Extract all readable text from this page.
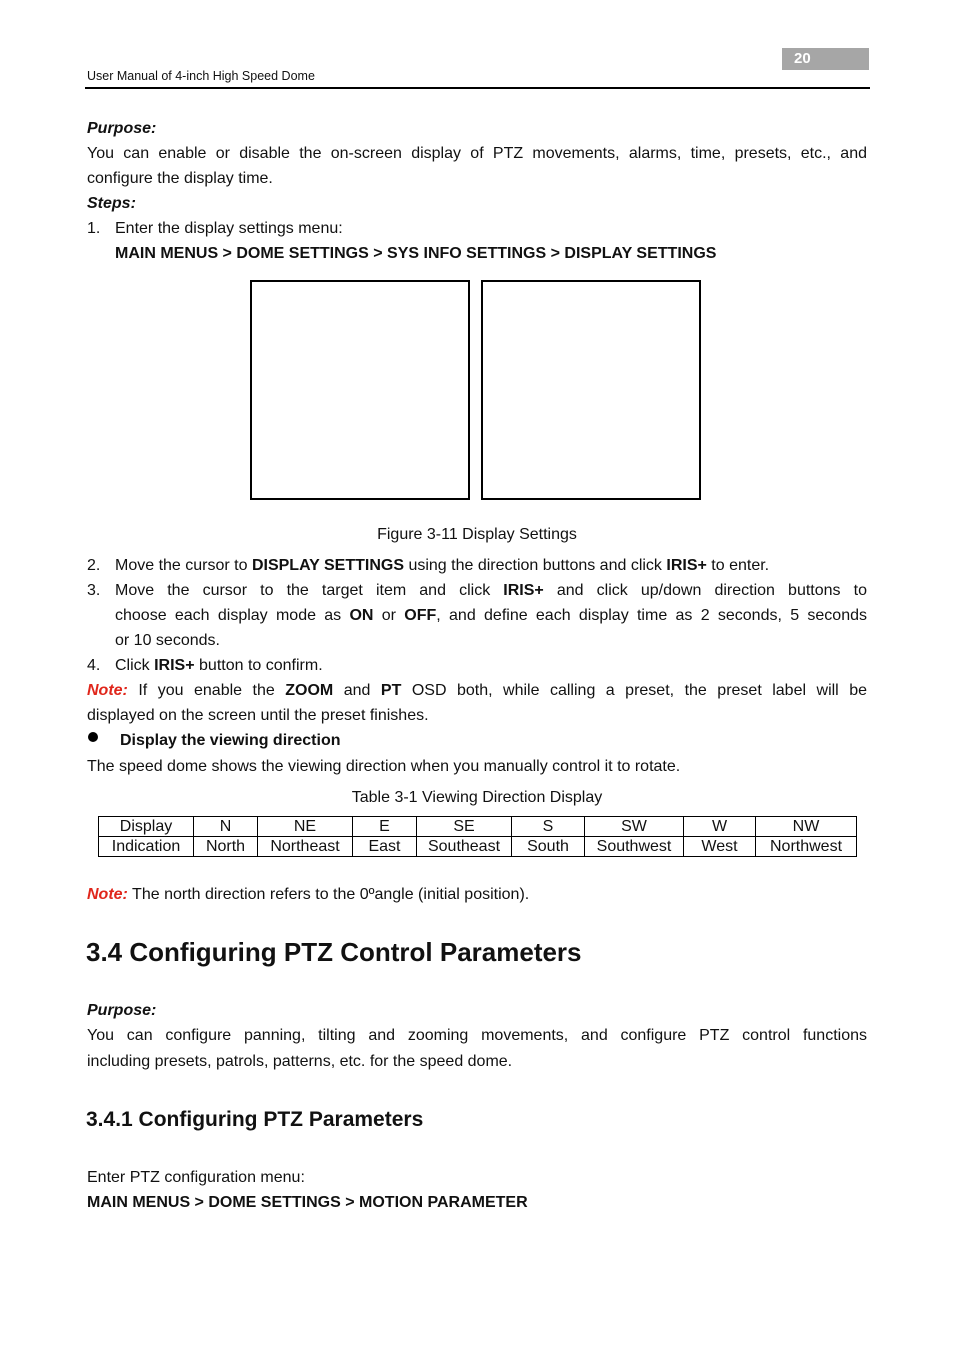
20
User Manual of 4-inch High Speed Dome
Purpose:
You can enable or disable the on-screen display of PTZ movements, alarms, time, presets, etc., and
configure the display time.
Steps:
1. Enter the display settings menu:
MAIN MENUS > DOME SETTINGS > SYS INFO SETTINGS > DISPLAY SETTINGS
Figure 3-11 Display Settings
2. Move the cursor to DISPLAY SETTINGS using the direction buttons and click IRIS+ to enter.
3. Move the cursor to the target item and click IRIS+ and click up/down direction buttons to
choose each display mode as ON or OFF, and define each display time as 2 seconds, 5 seconds
or 10 seconds.
4. Click IRIS+ button to confirm.
Note: If you enable the ZOOM and PT OSD both, while calling a preset, the preset label will be
displayed on the screen until the preset finishes.
Display the viewing direction
The speed dome shows the viewing direction when you manually control it to rotate.
Table 3-1 Viewing Direction Display
Display	N	NE	E	SE	S	SW	W	NW
Indication	North	Northeast	East	Southeast	South	Southwest	West	Northwest
Note: The north direction refers to the 0ºangle (initial position).
3.4 Configuring PTZ Control Parameters
Purpose:
You can configure panning, tilting and zooming movements, and configure PTZ control functions
including presets, patrols, patterns, etc. for the speed dome.
3.4.1 Configuring PTZ Parameters
Enter PTZ configuration menu:
MAIN MENUS > DOME SETTINGS > MOTION PARAMETER
